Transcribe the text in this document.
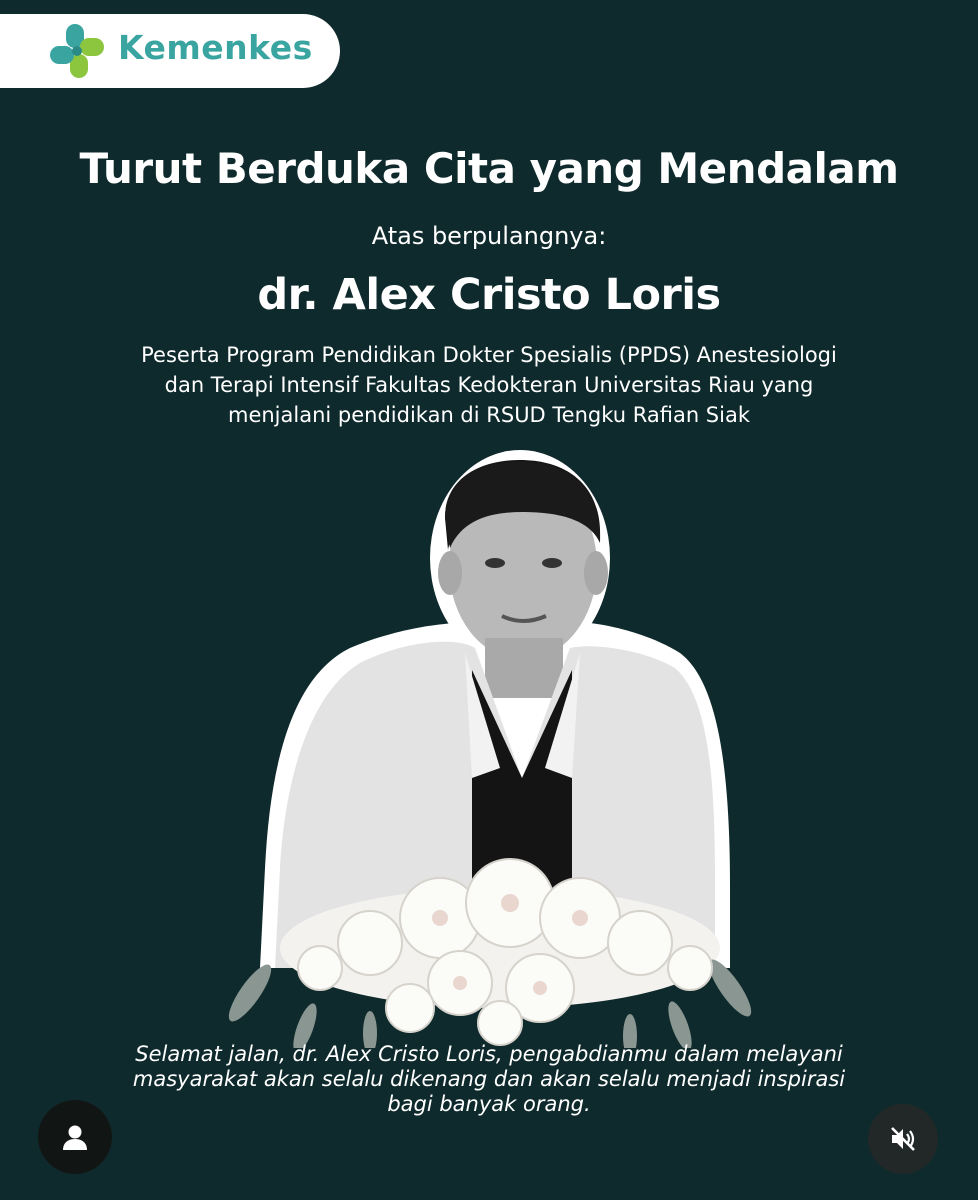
Kemenkes
Turut Berduka Cita yang Mendalam
Atas berpulangnya:
dr. Alex Cristo Loris
Peserta Program Pendidikan Dokter Spesialis (PPDS) Anestesiologi
dan Terapi Intensif Fakultas Kedokteran Universitas Riau yang
menjalani pendidikan di RSUD Tengku Rafian Siak
Selamat jalan, dr. Alex Cristo Loris, pengabdianmu dalam melayani
masyarakat akan selalu dikenang dan akan selalu menjadi inspirasi
bagi banyak orang.
